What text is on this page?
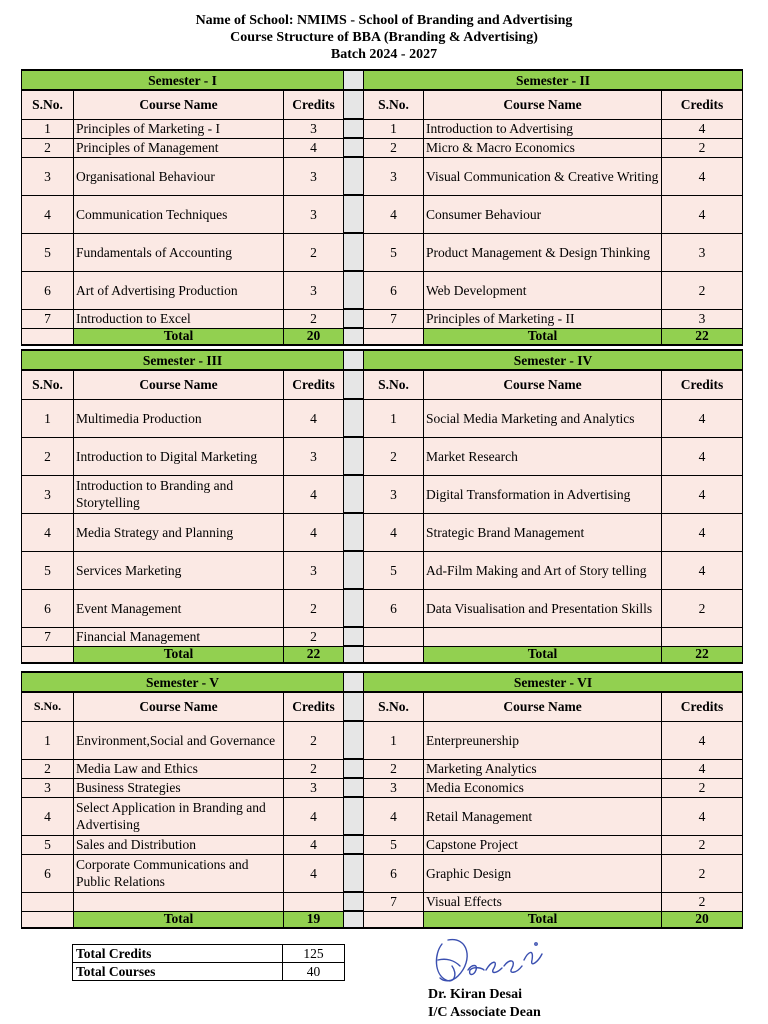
Name of School: NMIMS - School of Branding and Advertising
Course Structure of BBA (Branding & Advertising)
Batch 2024 - 2027
Semester - I				Semester - II		
S.No.	Course Name	Credits		S.No.	Course Name	Credits
1	Principles of Marketing - I	3		1	Introduction to Advertising	4
2	Principles of Management	4		2	Micro & Macro Economics	2
3	Organisational Behaviour	3		3	Visual Communication & Creative Writing	4
4	Communication Techniques	3		4	Consumer Behaviour	4
5	Fundamentals of Accounting	2		5	Product Management & Design Thinking	3
6	Art of Advertising Production	3		6	Web Development	2
7	Introduction to Excel	2		7	Principles of Marketing - II	3
	Total	20			Total	22
Semester - III				Semester - IV		
S.No.	Course Name	Credits		S.No.	Course Name	Credits
1	Multimedia Production	4		1	Social Media Marketing and Analytics	4
2	Introduction to Digital Marketing	3		2	Market Research	4
3	Introduction to Branding and Storytelling	4		3	Digital Transformation in Advertising	4
4	Media Strategy and Planning	4		4	Strategic Brand Management	4
5	Services Marketing	3		5	Ad-Film Making and Art of Story telling	4
6	Event Management	2		6	Data Visualisation and Presentation Skills	2
7	Financial Management	2				
	Total	22			Total	22
Semester - V				Semester - VI		
S.No.	Course Name	Credits		S.No.	Course Name	Credits
1	Environment,Social and Governance	2		1	Enterpreunership	4
2	Media Law and Ethics	2		2	Marketing Analytics	4
3	Business Strategies	3		3	Media Economics	2
4	Select Application in Branding and Advertising	4		4	Retail Management	4
5	Sales and Distribution	4		5	Capstone Project	2
6	Corporate Communications and Public Relations	4		6	Graphic Design	2
				7	Visual Effects	2
	Total	19			Total	20
Total Credits	125
Total Courses	40
Dr. Kiran Desai
I/C Associate Dean
